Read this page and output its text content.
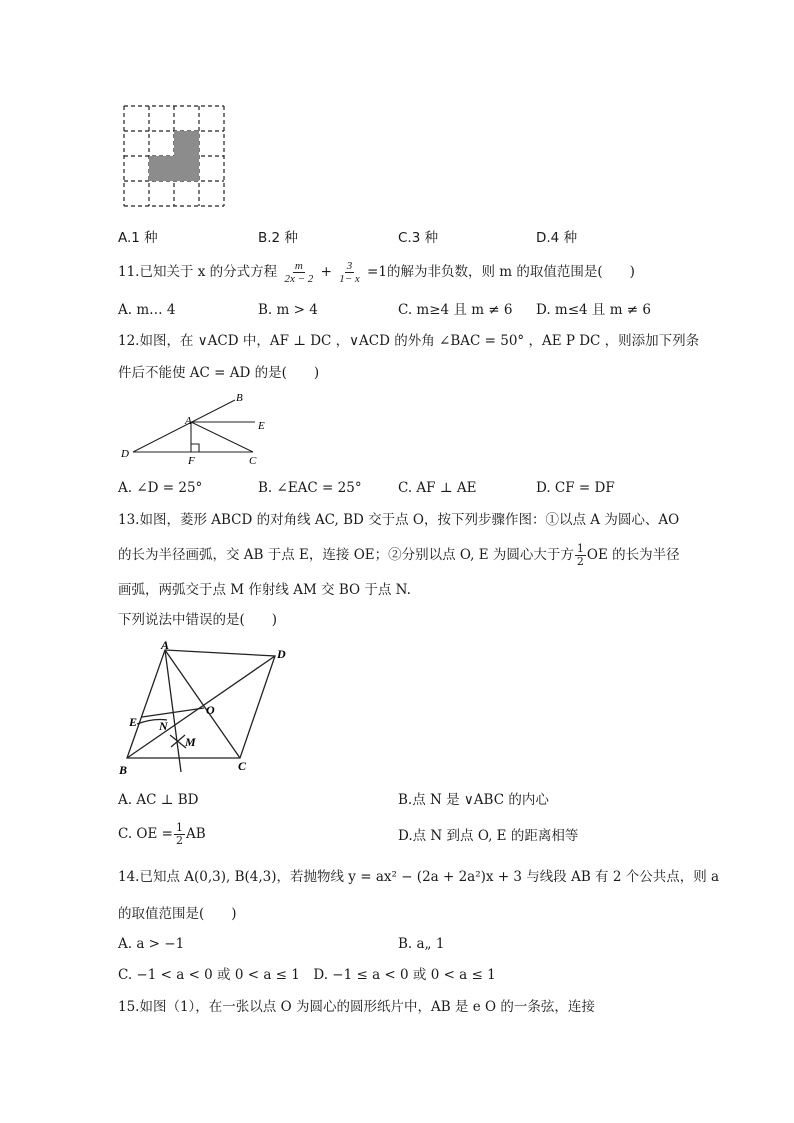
A.1 种	B.2 种	C.3 种	D.4 种
11.已知关于 x 的分式方程 $\frac{m}{2x - 2} + \frac{3}{1- x} =1$的解为非负数，则 m 的取值范围是(　　)
A. m… 4	B. m > 4	C. m≥4 且 m ≠ 6 D. m≤4 且 m ≠ 6
12.如图，在 ∨ACD 中，AF ⊥ DC ，∨ACD 的外角 ∠BAC = 50° ，AE P DC ，则添加下列条
件后不能使 AC = AD 的是(　　)
D
A
B
E
F	C
A. ∠D = 25°	B. ∠EAC = 25°	C. AF ⊥ AE	D. CF = DF
13.如图，菱形 ABCD 的对角线 AC, BD 交于点 O，按下列步骤作图：①以点 A 为圆心、AO
的长为半径画弧，交 AB 于点 E，连接 OE；②分别以点 O, E 为圆心大于方 $\frac{1}{2}$ OE 的长为半径
画弧，两弧交于点 M 作射线 AM 交 BO 于点 N.
下列说法中错误的是(　　)
A
D
E N
O
M
B	C
A. AC ⊥ BD	B.点 N 是 ∨ABC 的内心
C. OE = $\frac{1}{2}$ AB	D.点 N 到点 O, E 的距离相等
14.已知点 A(0,3), B(4,3)，若抛物线 y = ax² − (2a + 2a²)x + 3 与线段 AB 有 2 个公共点，则 a
的取值范围是(　　)
A. a > −1	B. a„ 1
C. −1 < a < 0 或 0 < a ≤ 1　D. −1 ≤ a < 0 或 0 < a ≤ 1
15.如图（1），在一张以点 O 为圆心的圆形纸片中，AB 是 e O 的一条弦，连接
